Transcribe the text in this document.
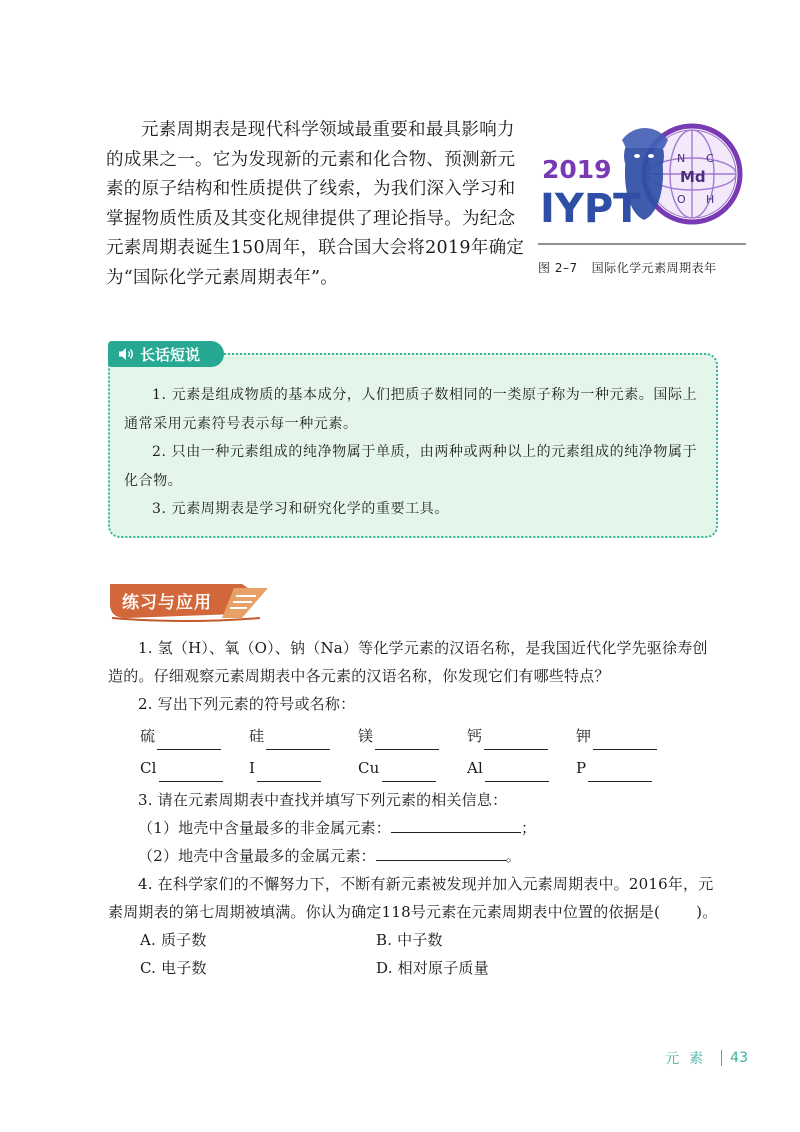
元素周期表是现代科学领域最重要和最具影响力的成果之一。它为发现新的元素和化合物、预测新元素的原子结构和性质提供了线索，为我们深入学习和掌握物质性质及其变化规律提供了理论指导。为纪念元素周期表诞生150周年，联合国大会将2019年确定为“国际化学元素周期表年”。

N C
Md
O H
2019
IYPT
图 2–7 国际化学元素周期表年
长话短说

1. 元素是组成物质的基本成分，人们把质子数相同的一类原子称为一种元素。国际上通常采用元素符号表示每一种元素。

2. 只由一种元素组成的纯净物属于单质，由两种或两种以上的元素组成的纯净物属于化合物。

3. 元素周期表是学习和研究化学的重要工具。

练习与应用

1. 氢（H）、氧（O）、钠（Na）等化学元素的汉语名称，是我国近代化学先驱徐寿创造的。仔细观察元素周期表中各元素的汉语名称，你发现它们有哪些特点？

2. 写出下列元素的符号或名称：

硫	硅	镁	钙	钾
Cl	I	Cu	Al	P

3. 请在元素周期表中查找并填写下列元素的相关信息：

（1）地壳中含量最多的非金属元素：	；

（2）地壳中含量最多的金属元素：	。

4. 在科学家们的不懈努力下，不断有新元素被发现并加入元素周期表中。2016年，元素周期表的第七周期被填满。你认为确定118号元素在元素周期表中位置的依据是( )。

A. 质子数	B. 中子数
C. 电子数	D. 相对原子质量
元素 43
